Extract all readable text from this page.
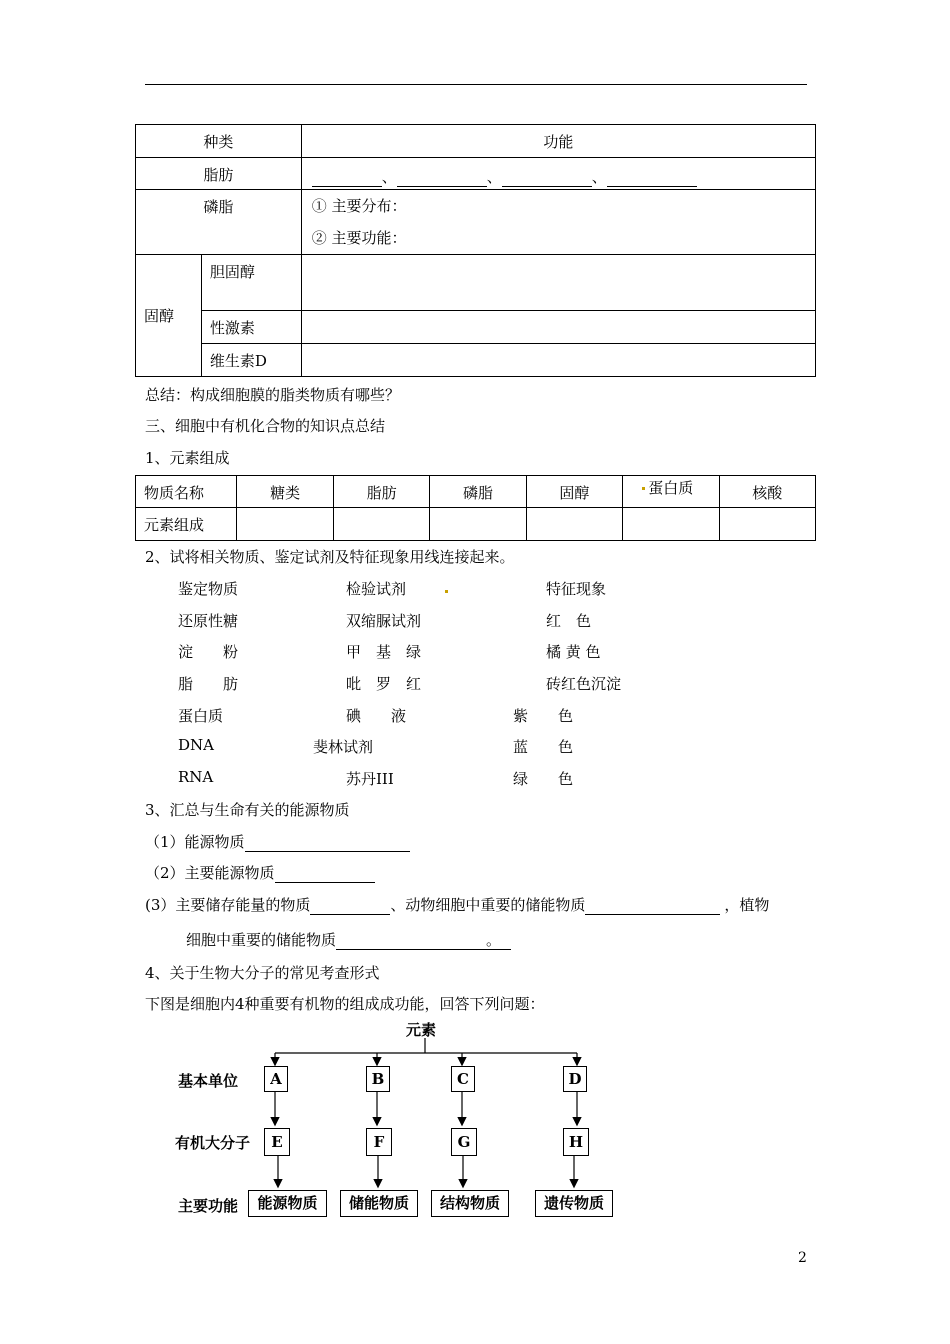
种类		功能
脂肪		、 、 、
磷脂		① 主要分布：
② 主要功能：

固醇	胆固醇	
	性激素	
	维生素D	
总结：构成细胞膜的脂类物质有哪些？
三、细胞中有机化合物的知识点总结
1、元素组成
物质名称	糖类	脂肪	磷脂	固醇	蛋白质	核酸
元素组成						
2、试将相关物质、鉴定试剂及特征现象用线连接起来。
鉴定物质	检验试剂	特征现象
还原性糖	双缩脲试剂	红　色
淀　　粉	甲　基　绿	橘 黄 色
脂　　肪	吡　罗　红	砖红色沉淀
蛋白质	碘　　液	紫　　色
DNA	斐林试剂	蓝　　色
RNA	苏丹III	绿　　色
3、汇总与生命有关的能源物质
（1）能源物质
（2）主要能源物质
(3）主要储存能量的物质	、动物细胞中重要的储能物质	，植物
细胞中重要的储能物质	。
4、关于生物大分子的常见考查形式
下图是细胞内4种重要有机物的组成成功能，回答下列问题：
元素
基本单位
有机大分子
主要功能
A	B	C	D
E	F	G	H
能源物质	储能物质	结构物质	遗传物质
2
